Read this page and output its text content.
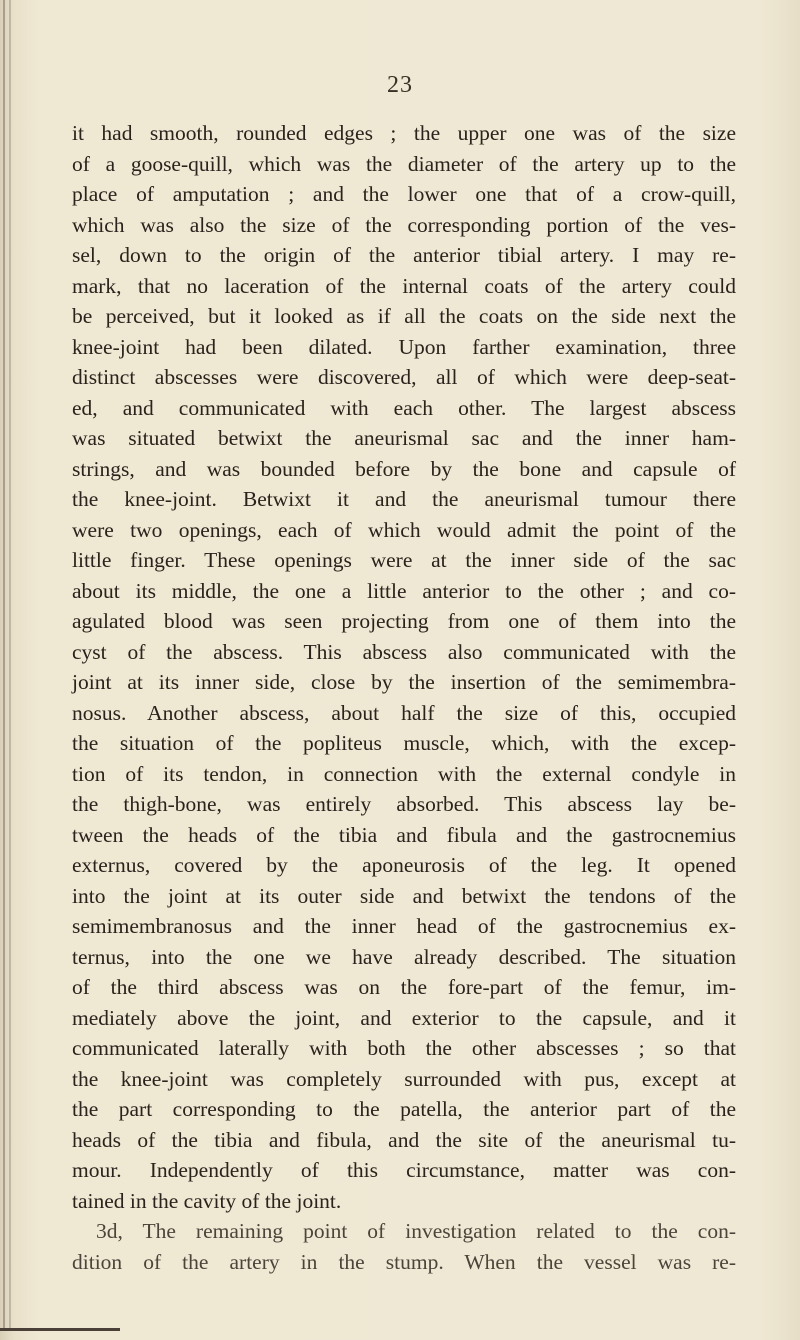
23
it had smooth, rounded edges ; the upper one was of the size
of a goose-quill, which was the diameter of the artery up to the
place of amputation ; and the lower one that of a crow-quill,
which was also the size of the corresponding portion of the ves-
sel, down to the origin of the anterior tibial artery. I may re-
mark, that no laceration of the internal coats of the artery could
be perceived, but it looked as if all the coats on the side next the
knee-joint had been dilated. Upon farther examination, three
distinct abscesses were discovered, all of which were deep-seat-
ed, and communicated with each other. The largest abscess
was situated betwixt the aneurismal sac and the inner ham-
strings, and was bounded before by the bone and capsule of
the knee-joint. Betwixt it and the aneurismal tumour there
were two openings, each of which would admit the point of the
little finger. These openings were at the inner side of the sac
about its middle, the one a little anterior to the other ; and co-
agulated blood was seen projecting from one of them into the
cyst of the abscess. This abscess also communicated with the
joint at its inner side, close by the insertion of the semimembra-
nosus. Another abscess, about half the size of this, occupied
the situation of the popliteus muscle, which, with the excep-
tion of its tendon, in connection with the external condyle in
the thigh-bone, was entirely absorbed. This abscess lay be-
tween the heads of the tibia and fibula and the gastrocnemius
externus, covered by the aponeurosis of the leg. It opened
into the joint at its outer side and betwixt the tendons of the
semimembranosus and the inner head of the gastrocnemius ex-
ternus, into the one we have already described. The situation
of the third abscess was on the fore-part of the femur, im-
mediately above the joint, and exterior to the capsule, and it
communicated laterally with both the other abscesses ; so that
the knee-joint was completely surrounded with pus, except at
the part corresponding to the patella, the anterior part of the
heads of the tibia and fibula, and the site of the aneurismal tu-
mour. Independently of this circumstance, matter was con-
tained in the cavity of the joint.
3d, The remaining point of investigation related to the con-
dition of the artery in the stump. When the vessel was re-
